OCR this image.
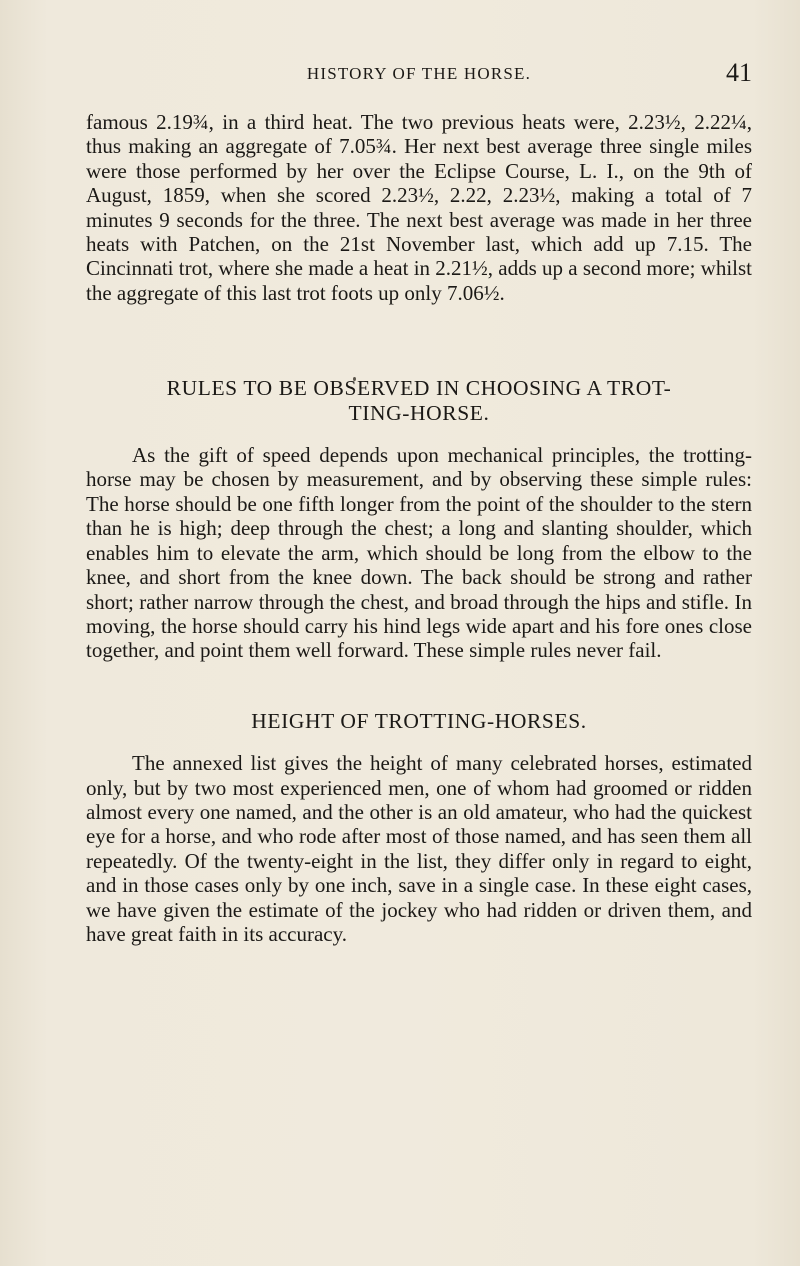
HISTORY OF THE HORSE.	41

famous 2.19¾, in a third heat. The two previous heats were, 2.23½, 2.22¼, thus making an aggregate of 7.05¾. Her next best average three single miles were those performed by her over the Eclipse Course, L. I., on the 9th of August, 1859, when she scored 2.23½, 2.22, 2.23½, making a total of 7 minutes 9 seconds for the three. The next best average was made in her three heats with Patchen, on the 21st November last, which add up 7.15. The Cincinnati trot, where she made a heat in 2.21½, adds up a second more; whilst the aggregate of this last trot foots up only 7.06½.

RULES TO BE OBSERVED IN CHOOSING A TROT-
TING-HORSE.

As the gift of speed depends upon mechanical principles, the trotting-horse may be chosen by measurement, and by observing these simple rules: The horse should be one fifth longer from the point of the shoulder to the stern than he is high; deep through the chest; a long and slanting shoulder, which enables him to elevate the arm, which should be long from the elbow to the knee, and short from the knee down. The back should be strong and rather short; rather narrow through the chest, and broad through the hips and stifle. In moving, the horse should carry his hind legs wide apart and his fore ones close together, and point them well forward. These simple rules never fail.

HEIGHT OF TROTTING-HORSES.

The annexed list gives the height of many celebrated horses, estimated only, but by two most experienced men, one of whom had groomed or ridden almost every one named, and the other is an old amateur, who had the quickest eye for a horse, and who rode after most of those named, and has seen them all repeatedly. Of the twenty-eight in the list, they differ only in regard to eight, and in those cases only by one inch, save in a single case. In these eight cases, we have given the estimate of the jockey who had ridden or driven them, and have great faith in its accuracy.
